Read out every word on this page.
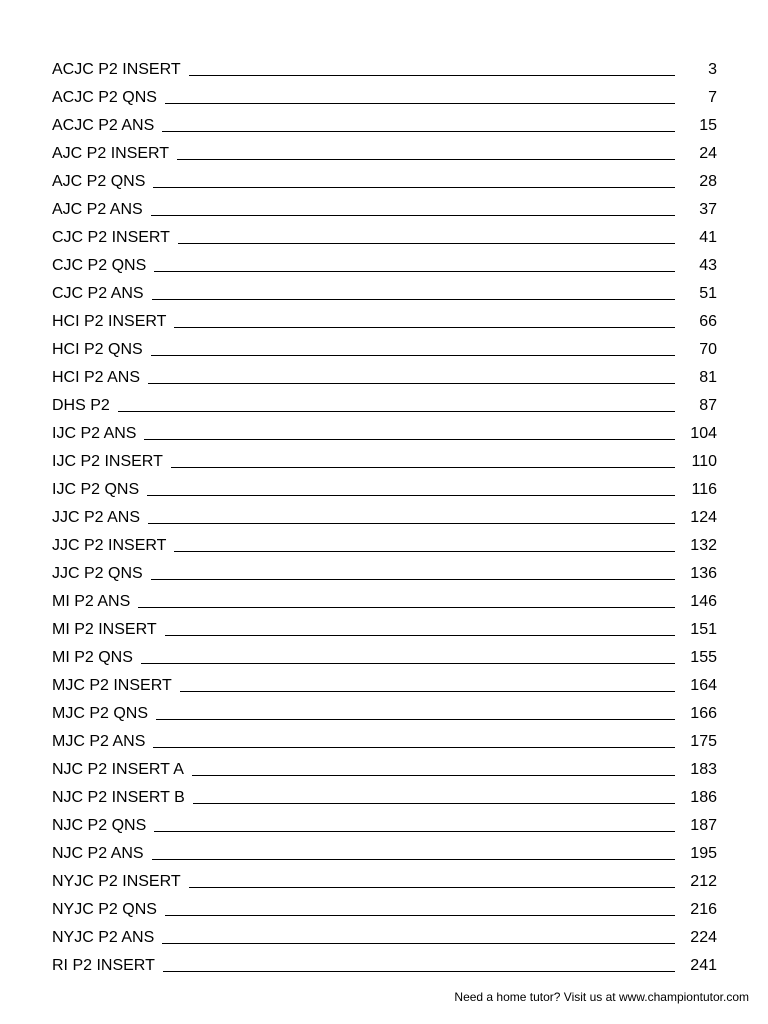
ACJC P2 INSERT	3
ACJC P2 QNS	7
ACJC P2 ANS	15
AJC P2 INSERT	24
AJC P2 QNS	28
AJC P2 ANS	37
CJC P2 INSERT	41
CJC P2 QNS	43
CJC P2 ANS	51
HCI P2 INSERT	66
HCI P2 QNS	70
HCI P2 ANS	81
DHS P2	87
IJC P2 ANS	104
IJC P2 INSERT	110
IJC P2 QNS	116
JJC P2 ANS	124
JJC P2 INSERT	132
JJC P2 QNS	136
MI P2 ANS	146
MI P2 INSERT	151
MI P2 QNS	155
MJC P2 INSERT	164
MJC P2 QNS	166
MJC P2 ANS	175
NJC P2 INSERT A	183
NJC P2 INSERT B	186
NJC P2 QNS	187
NJC P2 ANS	195
NYJC P2 INSERT	212
NYJC P2 QNS	216
NYJC P2 ANS	224
RI P2 INSERT	241
Need a home tutor? Visit us at www.championtutor.com
